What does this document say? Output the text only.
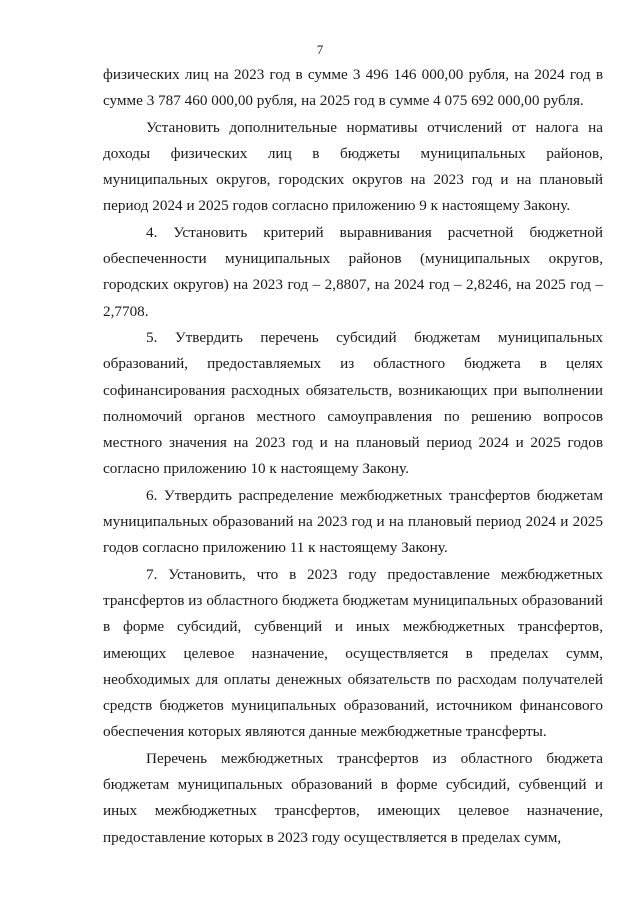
7

физических лиц на 2023 год в сумме 3 496 146 000,00 рубля, на 2024 год в сумме 3 787 460 000,00 рубля, на 2025 год в сумме 4 075 692 000,00 рубля.

Установить дополнительные нормативы отчислений от налога на доходы физических лиц в бюджеты муниципальных районов, муниципальных округов, городских округов на 2023 год и на плановый период 2024 и 2025 годов согласно приложению 9 к настоящему Закону.

4. Установить критерий выравнивания расчетной бюджетной обеспеченности муниципальных районов (муниципальных округов, городских округов) на 2023 год – 2,8807, на 2024 год – 2,8246, на 2025 год – 2,7708.

5. Утвердить перечень субсидий бюджетам муниципальных образований, предоставляемых из областного бюджета в целях софинансирования расходных обязательств, возникающих при выполнении полномочий органов местного самоуправления по решению вопросов местного значения на 2023 год и на плановый период 2024 и 2025 годов согласно приложению 10 к настоящему Закону.

6. Утвердить распределение межбюджетных трансфертов бюджетам муниципальных образований на 2023 год и на плановый период 2024 и 2025 годов согласно приложению 11 к настоящему Закону.

7. Установить, что в 2023 году предоставление межбюджетных трансфертов из областного бюджета бюджетам муниципальных образований в форме субсидий, субвенций и иных межбюджетных трансфертов, имеющих целевое назначение, осуществляется в пределах сумм, необходимых для оплаты денежных обязательств по расходам получателей средств бюджетов муниципальных образований, источником финансового обеспечения которых являются данные межбюджетные трансферты.

Перечень межбюджетных трансфертов из областного бюджета бюджетам муниципальных образований в форме субсидий, субвенций и иных межбюджетных трансфертов, имеющих целевое назначение, предоставление которых в 2023 году осуществляется в пределах сумм,
